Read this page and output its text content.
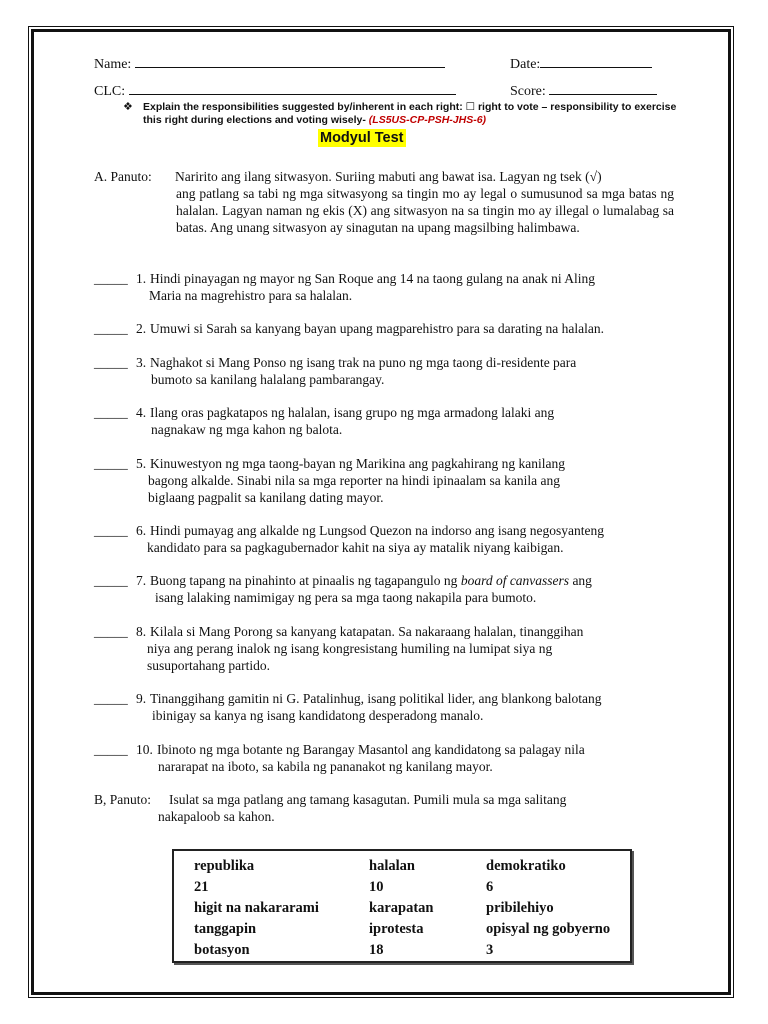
Name:	Date:
CLC:	Score:
❖ Explain the responsibilities suggested by/inherent in each right: ☐ right to vote – responsibility to exercise this right during elections and voting wisely- (LS5US-CP-PSH-JHS-6)
Modyul Test
A. Panuto: Naririto ang ilang sitwasyon. Suriing mabuti ang bawat isa. Lagyan ng tsek (√)
ang patlang sa tabi ng mga sitwasyong sa tingin mo ay legal o sumusunod sa mga batas ng halalan. Lagyan naman ng ekis (X) ang sitwasyon na sa tingin mo ay illegal o lumalabag sa batas. Ang unang sitwasyon ay sinagutan na upang magsilbing halimbawa.
_____ 1. Hindi pinayagan ng mayor ng San Roque ang 14 na taong gulang na anak ni Aling
Maria na magrehistro para sa halalan.
_____ 2. Umuwi si Sarah sa kanyang bayan upang magparehistro para sa darating na halalan.
_____ 3. Naghakot si Mang Ponso ng isang trak na puno ng mga taong di-residente para
bumoto sa kanilang halalang pambarangay.
_____ 4. Ilang oras pagkatapos ng halalan, isang grupo ng mga armadong lalaki ang
nagnakaw ng mga kahon ng balota.
_____ 5. Kinuwestyon ng mga taong-bayan ng Marikina ang pagkahirang ng kanilang
bagong alkalde. Sinabi nila sa mga reporter na hindi ipinaalam sa kanila ang
biglaang pagpalit sa kanilang dating mayor.
_____ 6. Hindi pumayag ang alkalde ng Lungsod Quezon na indorso ang isang negosyanteng
kandidato para sa pagkagubernador kahit na siya ay matalik niyang kaibigan.
_____ 7. Buong tapang na pinahinto at pinaalis ng tagapangulo ng board of canvassers ang
isang lalaking namimigay ng pera sa mga taong nakapila para bumoto.
_____ 8. Kilala si Mang Porong sa kanyang katapatan. Sa nakaraang halalan, tinanggihan
niya ang perang inalok ng isang kongresistang humiling na lumipat siya ng
susuportahang partido.
_____ 9. Tinanggihang gamitin ni G. Patalinhug, isang politikal lider, ang blankong balotang
ibinigay sa kanya ng isang kandidatong desperadong manalo.
_____ 10. Ibinoto ng mga botante ng Barangay Masantol ang kandidatong sa palagay nila
nararapat na iboto, sa kabila ng pananakot ng kanilang mayor.
B, Panuto: Isulat sa mga patlang ang tamang kasagutan. Pumili mula sa mga salitang
nakapaloob sa kahon.
republika	halalan	demokratiko
21	10	6
higit na nakararami	karapatan	pribilehiyo
tanggapin	iprotesta	opisyal ng gobyerno
botasyon	18	3
